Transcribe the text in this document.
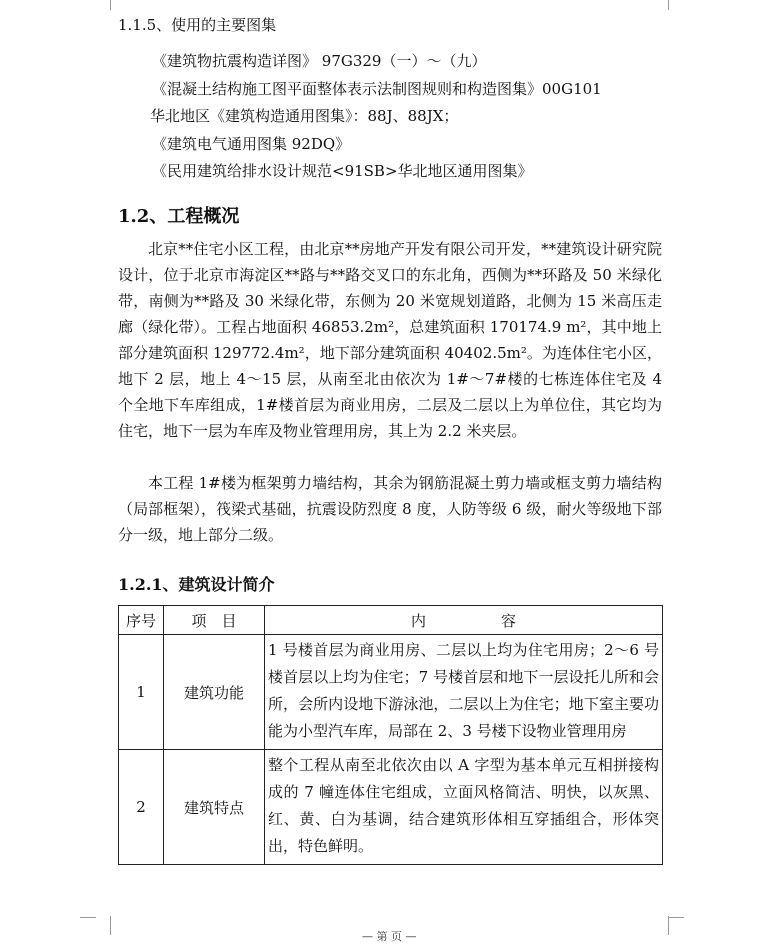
1.1.5、使用的主要图集
《建筑物抗震构造详图》 97G329（一）～（九）
《混凝土结构施工图平面整体表示法制图规则和构造图集》00G101
华北地区《建筑构造通用图集》：88J、88JX；
《建筑电气通用图集 92DQ》
《民用建筑给排水设计规范<91SB>华北地区通用图集》
1.2、工程概况
北京**住宅小区工程，由北京**房地产开发有限公司开发，**建筑设计研究院设计，位于北京市海淀区**路与**路交叉口的东北角，西侧为**环路及 50 米绿化带，南侧为**路及 30 米绿化带，东侧为 20 米宽规划道路，北侧为 15 米高压走廊（绿化带）。工程占地面积 46853.2m²，总建筑面积 170174.9 m²，其中地上部分建筑面积 129772.4m²，地下部分建筑面积 40402.5m²。为连体住宅小区，地下 2 层，地上 4～15 层，从南至北由依次为 1#～7#楼的七栋连体住宅及 4 个全地下车库组成，1#楼首层为商业用房，二层及二层以上为单位住，其它均为住宅，地下一层为车库及物业管理用房，其上为 2.2 米夹层。
本工程 1#楼为框架剪力墙结构，其余为钢筋混凝土剪力墙或框支剪力墙结构（局部框架），筏梁式基础，抗震设防烈度 8 度，人防等级 6 级，耐火等级地下部分一级，地上部分二级。
1.2.1、建筑设计简介
序号	项　目	内　　　　　容
1	建筑功能	1 号楼首层为商业用房、二层以上均为住宅用房；2～6 号楼首层以上均为住宅；7 号楼首层和地下一层设托儿所和会所，会所内设地下游泳池，二层以上为住宅；地下室主要功能为小型汽车库，局部在 2、3 号楼下设物业管理用房
2	建筑特点	整个工程从南至北依次由以 A 字型为基本单元互相拼接构成的 7 幢连体住宅组成，立面风格简洁、明快，以灰黑、红、黄、白为基调，结合建筑形体相互穿插组合，形体突出，特色鲜明。
— 第 页 —
